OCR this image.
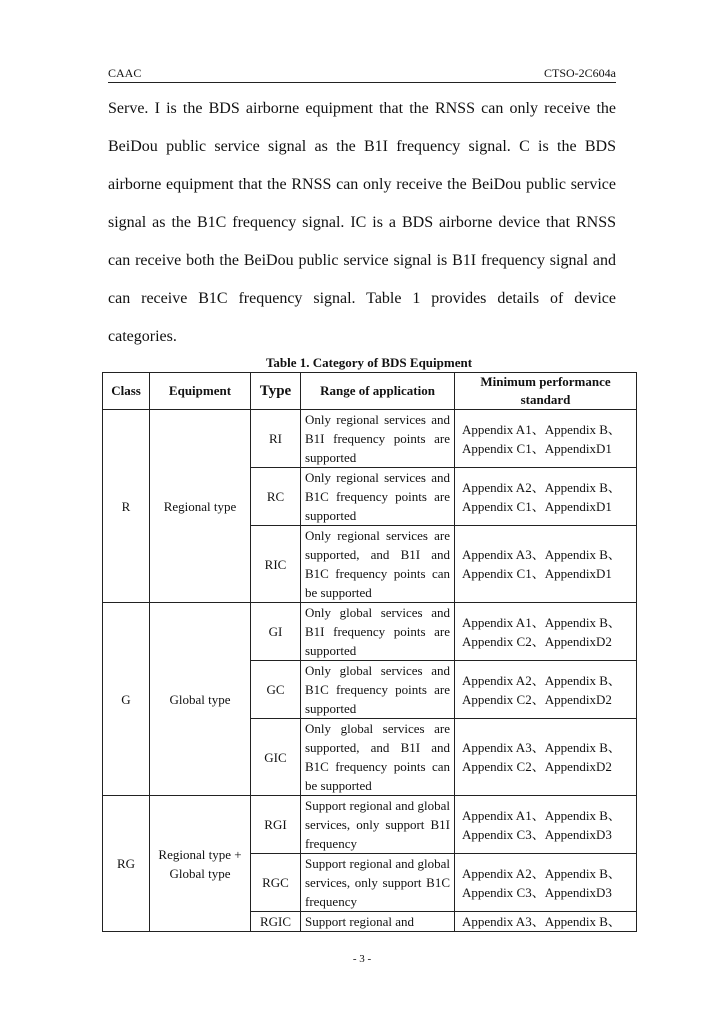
CAAC	CTSO-2C604a

Serve. I is the BDS airborne equipment that the RNSS can only receive the BeiDou public service signal as the B1I frequency signal. C is the BDS airborne equipment that the RNSS can only receive the BeiDou public service signal as the B1C frequency signal. IC is a BDS airborne device that RNSS can receive both the BeiDou public service signal is B1I frequency signal and can receive B1C frequency signal. Table 1 provides details of device categories.

Table 1. Category of BDS Equipment
Class	Equipment	Type	Range of application	Minimum performance standard
R	Regional type	RI	Only regional services and B1I frequency points are supported	Appendix A1、Appendix B、Appendix C1、AppendixD1
		RC	Only regional services and B1C frequency points are supported	Appendix A2、Appendix B、Appendix C1、AppendixD1
		RIC	Only regional services are supported, and B1I and B1C frequency points can be supported	Appendix A3、Appendix B、Appendix C1、AppendixD1
G	Global type	GI	Only global services and B1I frequency points are supported	Appendix A1、Appendix B、Appendix C2、AppendixD2
		GC	Only global services and B1C frequency points are supported	Appendix A2、Appendix B、Appendix C2、AppendixD2
		GIC	Only global services are supported, and B1I and B1C frequency points can be supported	Appendix A3、Appendix B、Appendix C2、AppendixD2
RG	Regional type + Global type	RGI	Support regional and global services, only support B1I frequency	Appendix A1、Appendix B、Appendix C3、AppendixD3
		RGC	Support regional and global services, only support B1C frequency	Appendix A2、Appendix B、Appendix C3、AppendixD3
		RGIC	Support regional and	Appendix A3、Appendix B、
- 3 -
